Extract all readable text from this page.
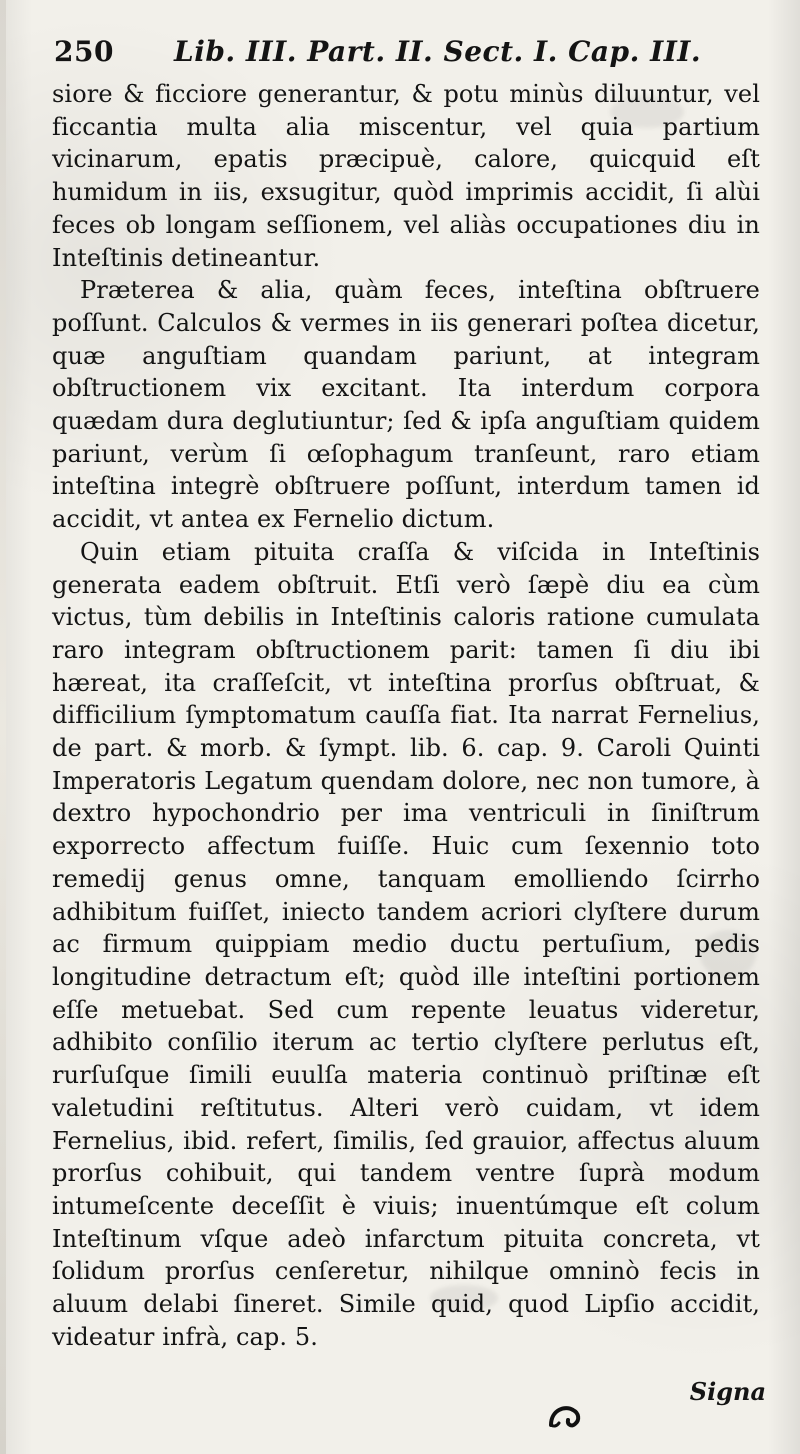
250 Lib. III. Part. II. Sect. I. Cap. III.

siore & ficciore generantur, & potu minùs diluuntur, vel ficcantia multa alia miscentur, vel quia partium vicinarum, epatis præcipuè, calore, quicquid eſt humidum in iis, exsugitur, quòd imprimis accidit, ſi alùi feces ob longam seſſionem, vel aliàs occupationes diu in Inteſtinis detineantur.

Præterea & alia, quàm feces, inteſtina obſtruere poſſunt. Calculos & vermes in iis generari poſtea dicetur, quæ anguſtiam quandam pariunt, at integram obſtructionem vix excitant. Ita interdum corpora quædam dura deglutiuntur; ſed & ipſa anguſtiam quidem pariunt, verùm ſi œſophagum tranſeunt, raro etiam inteſtina integrè obſtruere poſſunt, interdum tamen id accidit, vt antea ex Fernelio dictum.

Quin etiam pituita craſſa & viſcida in Inteſtinis generata eadem obſtruit. Etſi verò ſæpè diu ea cùm victus, tùm debilis in Inteſtinis caloris ratione cumulata raro integram obſtructionem parit: tamen ſi diu ibi hæreat, ita craſſeſcit, vt inteſtina prorſus obſtruat, & difficilium ſymptomatum cauſſa fiat. Ita narrat Fernelius, de part. & morb. & ſympt. lib. 6. cap. 9. Caroli Quinti Imperatoris Legatum quendam dolore, nec non tumore, à dextro hypochondrio per ima ventriculi in ſiniſtrum exporrecto affectum fuiſſe. Huic cum ſexennio toto remedij genus omne, tanquam emolliendo ſcirrho adhibitum fuiſſet, iniecto tandem acriori clyſtere durum ac firmum quippiam medio ductu pertuſium, pedis longitudine detractum eſt; quòd ille inteſtini portionem eſſe metuebat. Sed cum repente leuatus videretur, adhibito conſilio iterum ac tertio clyſtere perlutus eſt, rurſuſque ſimili euulſa materia continuò priſtinæ eſt valetudini reſtitutus. Alteri verò cuidam, vt idem Fernelius, ibid. refert, ſimilis, ſed grauior, affectus aluum prorſus cohibuit, qui tandem ventre ſuprà modum intumeſcente deceſſit è viuis; inuentúmque eſt colum Inteſtinum vſque adeò infarctum pituita concreta, vt ſolidum prorſus cenſeretur, nihilque omninò fecis in aluum delabi ſineret. Simile quid, quod Lipſio accidit, videatur infrà, cap. 5.

Signa
